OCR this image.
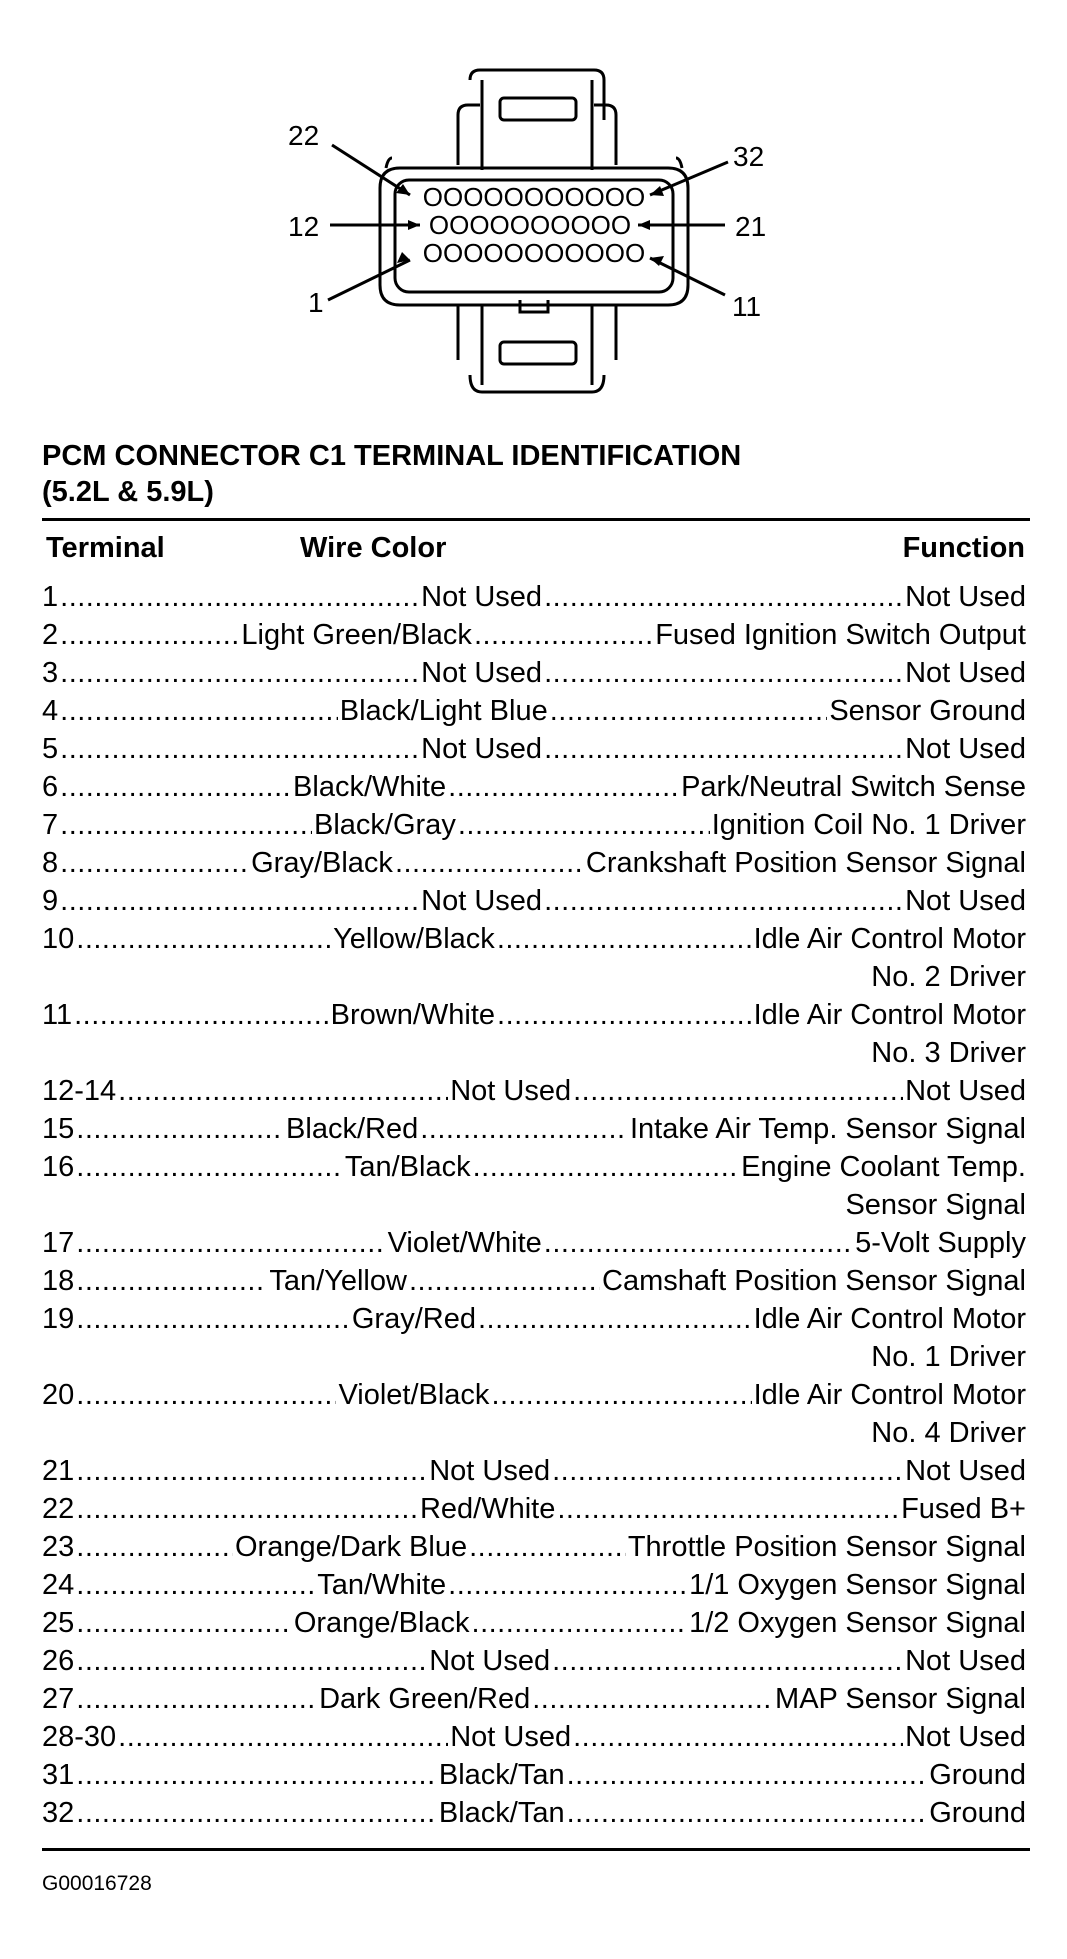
OOOOOOOOOOO
OOOOOOOOOO
OOOOOOOOOOO
22
12
1
32
21
11
PCM CONNECTOR C1 TERMINAL IDENTIFICATION
(5.2L & 5.9L)
Terminal	Wire Color	Function
1 .....	Not Used .....	Not Used
2 .....	Light Green/Black .....	Fused Ignition Switch Output
3 .....	Not Used .....	Not Used
4 .....	Black/Light Blue .....	Sensor Ground
5 .....	Not Used .....	Not Used
6 .....	Black/White .....	Park/Neutral Switch Sense
7 .....	Black/Gray .....	Ignition Coil No. 1 Driver
8 .....	Gray/Black .....	Crankshaft Position Sensor Signal
9 .....	Not Used .....	Not Used
10 .....	Yellow/Black .....	Idle Air Control Motor
No. 2 Driver
11 .....	Brown/White .....	Idle Air Control Motor
No. 3 Driver
12-14 .....	Not Used .....	Not Used
15 .....	Black/Red .....	Intake Air Temp. Sensor Signal
16 .....	Tan/Black .....	Engine Coolant Temp.
Sensor Signal
17 .....	Violet/White .....	5-Volt Supply
18 .....	Tan/Yellow .....	Camshaft Position Sensor Signal
19 .....	Gray/Red .....	Idle Air Control Motor
No. 1 Driver
20 .....	Violet/Black .....	Idle Air Control Motor
No. 4 Driver
21 .....	Not Used .....	Not Used
22 .....	Red/White .....	Fused B+
23 .....	Orange/Dark Blue .....	Throttle Position Sensor Signal
24 .....	Tan/White .....	1/1 Oxygen Sensor Signal
25 .....	Orange/Black .....	1/2 Oxygen Sensor Signal
26 .....	Not Used .....	Not Used
27 .....	Dark Green/Red .....	MAP Sensor Signal
28-30 .....	Not Used .....	Not Used
31 .....	Black/Tan .....	Ground
32 .....	Black/Tan .....	Ground
G00016728
